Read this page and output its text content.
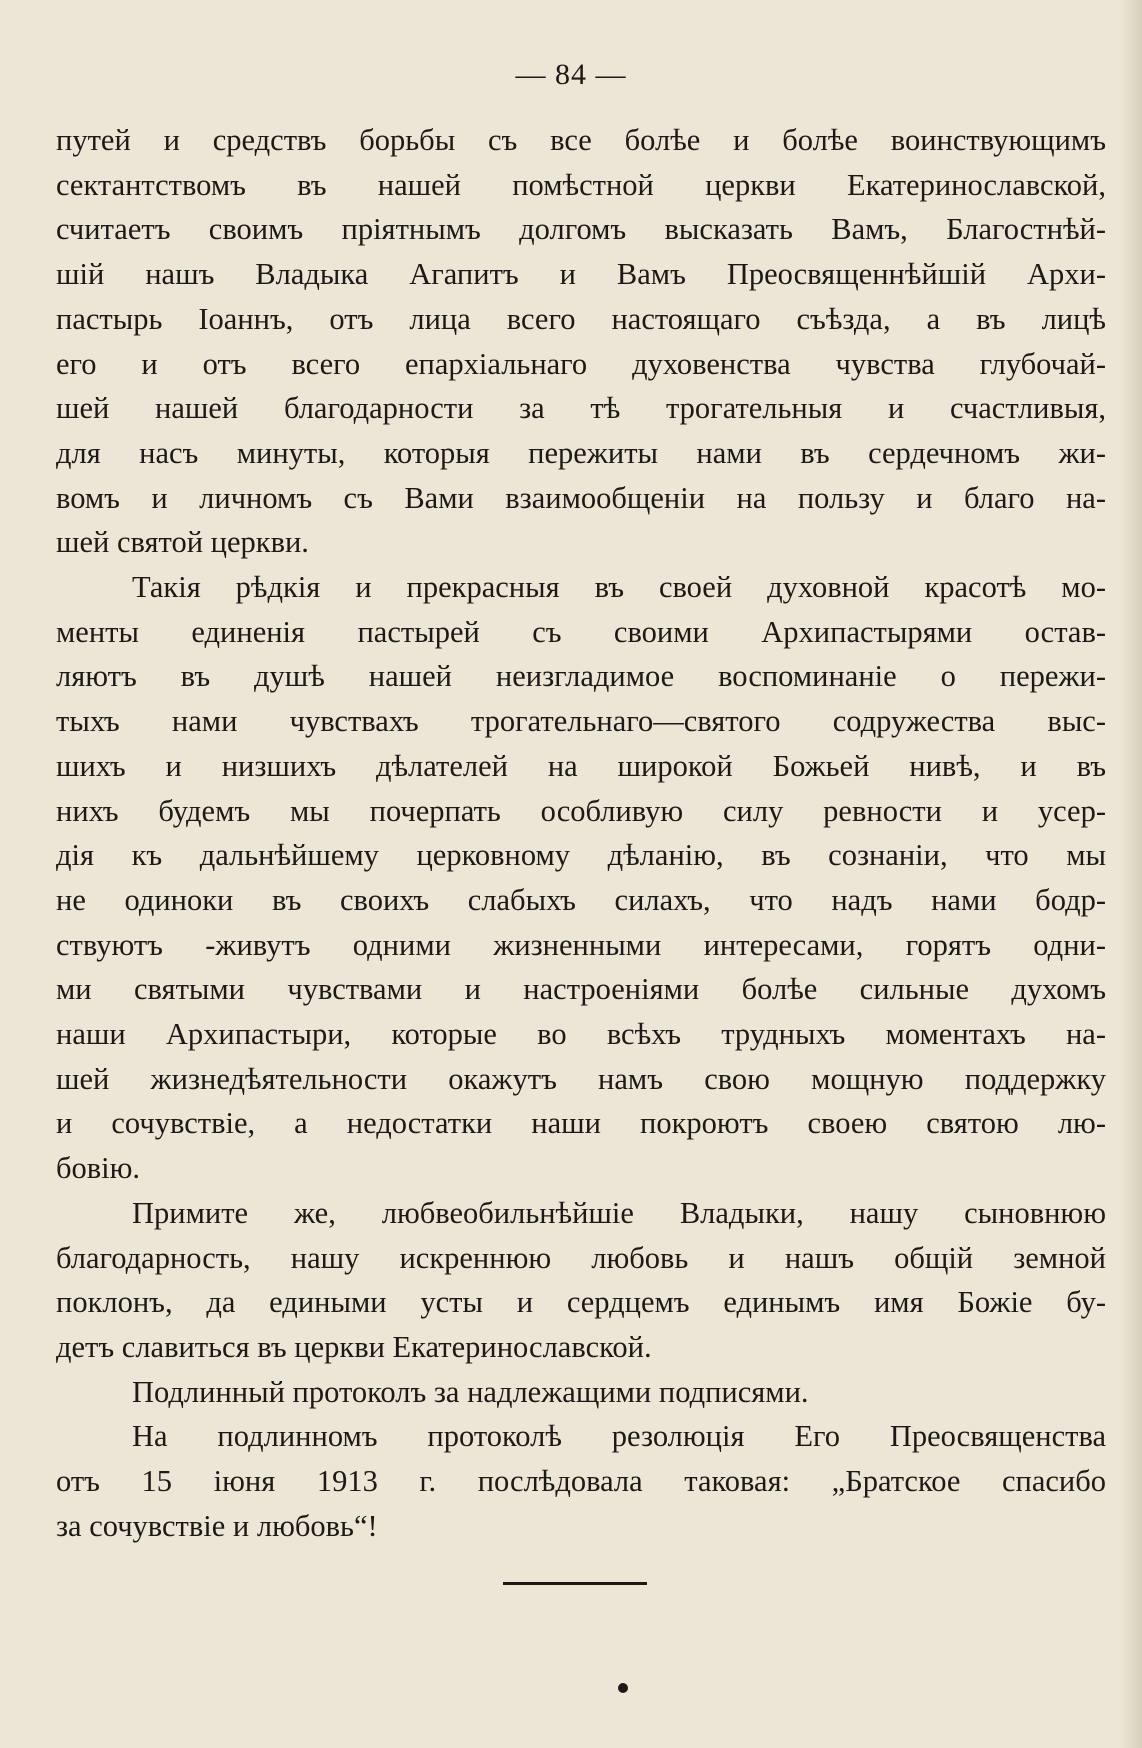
— 84 —

путей и средствъ борьбы съ все болѣе и болѣе воинствующимъ

сектантствомъ въ нашей помѣстной церкви Екатеринославской,

считаетъ своимъ пріятнымъ долгомъ высказать Вамъ, Благостнѣй-

шій нашъ Владыка Агапитъ и Вамъ Преосвященнѣйшій Архи-

пастырь Іоаннъ, отъ лица всего настоящаго съѣзда, а въ лицѣ

его и отъ всего епархіальнаго духовенства чувства глубочай-

шей нашей благодарности за тѣ трогательныя и счастливыя,

для насъ минуты, которыя пережиты нами въ сердечномъ жи-

вомъ и личномъ съ Вами взаимообщеніи на пользу и благо на-

шей святой церкви.

Такія рѣдкія и прекрасныя въ своей духовной красотѣ мо-

менты единенія пастырей съ своими Архипастырями остав-

ляютъ въ душѣ нашей неизгладимое воспоминаніе о пережи-

тыхъ нами чувствахъ трогательнаго—святого содружества выс-

шихъ и низшихъ дѣлателей на широкой Божьей нивѣ, и въ

нихъ будемъ мы почерпать особливую силу ревности и усер-

дія къ дальнѣйшему церковному дѣланію, въ сознаніи, что мы

не одиноки въ своихъ слабыхъ силахъ, что надъ нами бодр-

ствуютъ -живутъ одними жизненными интересами, горятъ одни-

ми святыми чувствами и настроеніями болѣе сильные духомъ

наши Архипастыри, которые во всѣхъ трудныхъ моментахъ на-

шей жизнедѣятельности окажутъ намъ свою мощную поддержку

и сочувствіе, а недостатки наши покроютъ своею святою лю-

бовію.

Примите же, любвеобильнѣйшіе Владыки, нашу сыновнюю

благодарность, нашу искреннюю любовь и нашъ общій земной

поклонъ, да едиными усты и сердцемъ единымъ имя Божіе бу-

детъ славиться въ церкви Екатеринославской.

Подлинный протоколъ за надлежащими подписями.

На подлинномъ протоколѣ резолюція Его Преосвященства

отъ 15 іюня 1913 г. послѣдовала таковая: „Братское спасибо

за сочувствіе и любовь“!
